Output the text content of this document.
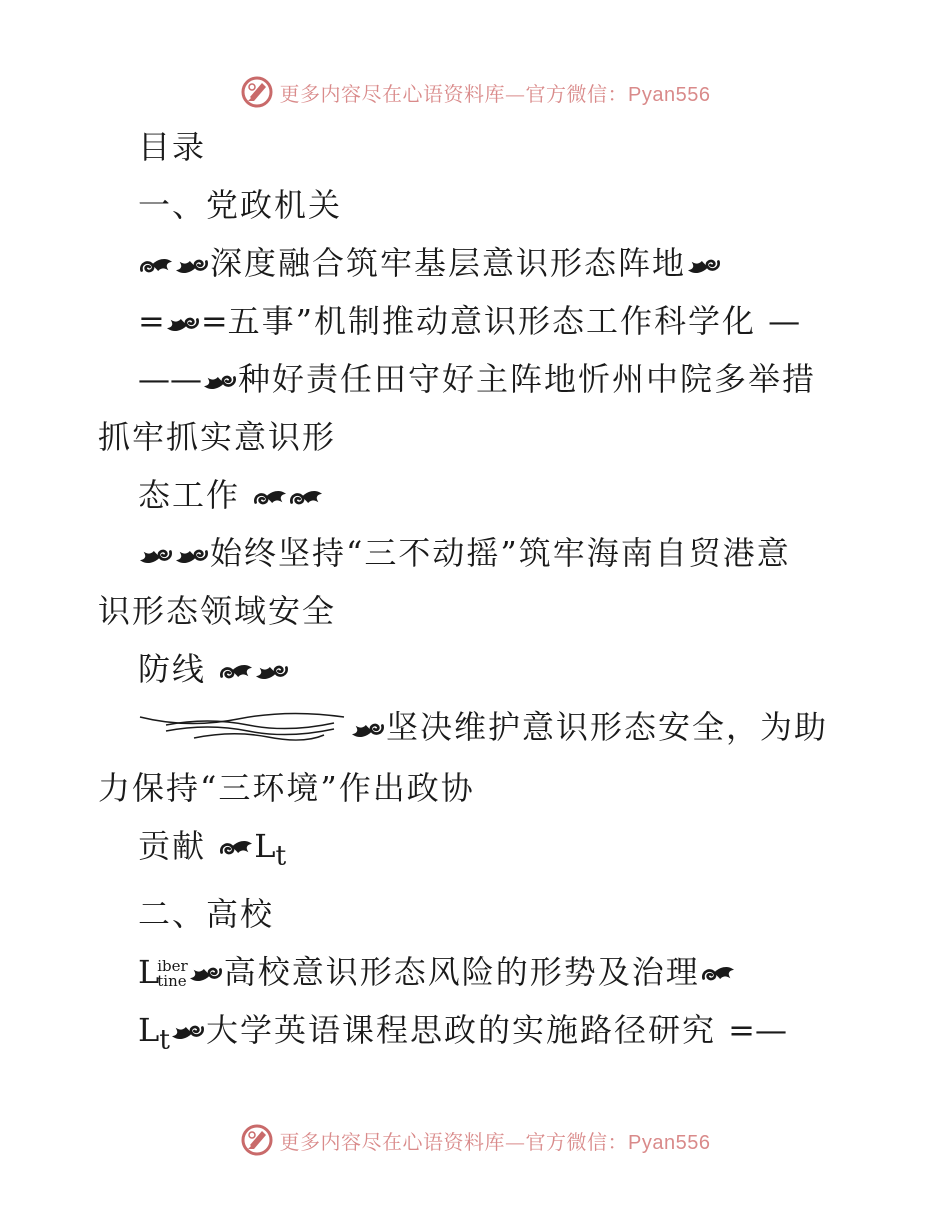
更多内容尽在心语资料库—官方微信：Pyan556
目录
一、党政机关
深度融合筑牢基层意识形态阵地
= =五事”机制推动意识形态工作科学化 —
—— 种好责任田守好主阵地忻州中院多举措
抓牢抓实意识形
态工作
始终坚持“三不动摇”筑牢海南自贸港意
识形态领域安全
防线
坚决维护意识形态安全，为助
力保持“三环境”作出政协
贡献 $L_t$
二、高校
Liber
tine 高校意识形态风险的形势及治理
$L_t$ 大学英语课程思政的实施路径研究 =—
更多内容尽在心语资料库—官方微信：Pyan556
